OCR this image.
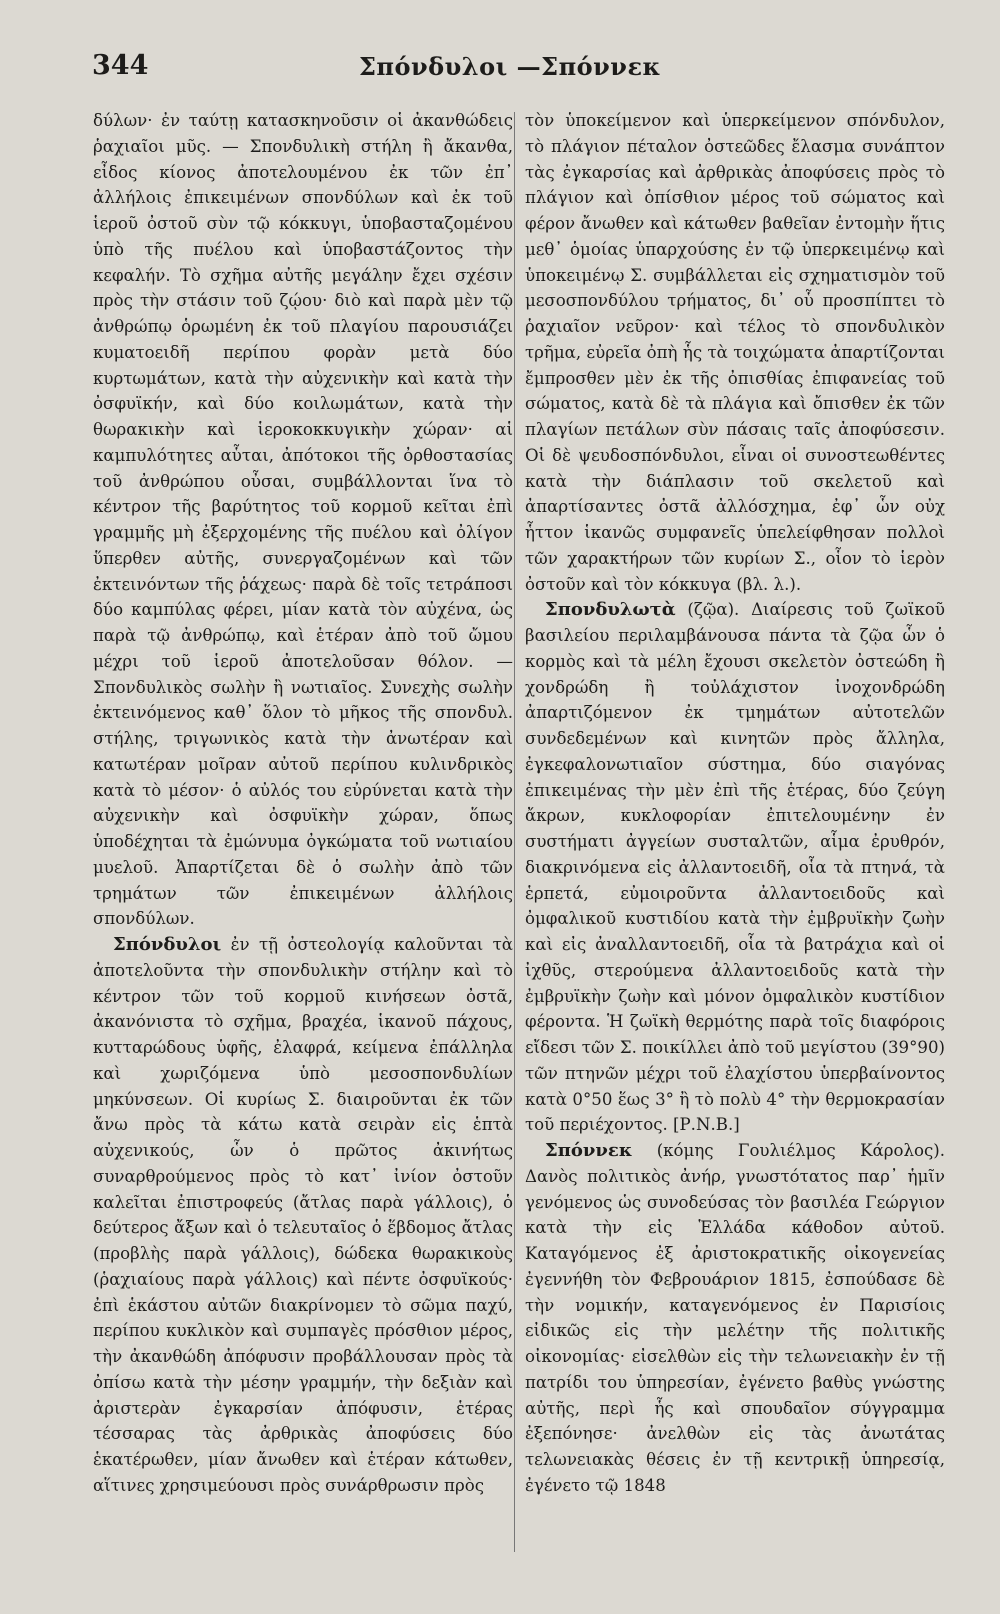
344	Σπόνδυλοι —Σπόννεκ

δύλων· ἐν ταύτῃ κατασκηνοῦσιν οἱ ἀκανθώδεις ῥαχιαῖοι μῦς. — Σπονδυλικὴ στήλη ἢ ἄκανθα, εἶδος κίονος ἀποτελουμένου ἐκ τῶν ἐπ᾽ ἀλλήλοις ἐπικειμένων σπονδύλων καὶ ἐκ τοῦ ἱεροῦ ὀστοῦ σὺν τῷ κόκκυγι, ὑποβασταζομένου ὑπὸ τῆς πυέλου καὶ ὑποβαστάζοντος τὴν κεφαλήν. Τὸ σχῆμα αὐτῆς μεγάλην ἔχει σχέσιν πρὸς τὴν στάσιν τοῦ ζῴου· διὸ καὶ παρὰ μὲν τῷ ἀνθρώπῳ ὁρωμένη ἐκ τοῦ πλαγίου παρουσιάζει κυματοειδῆ περίπου φορὰν μετὰ δύο κυρτωμάτων, κατὰ τὴν αὐχενικὴν καὶ κατὰ τὴν ὀσφυϊκήν, καὶ δύο κοιλωμάτων, κατὰ τὴν θωρακικὴν καὶ ἱεροκοκκυγικὴν χώραν· αἱ καμπυλότητες αὗται, ἀπότοκοι τῆς ὀρθοστασίας τοῦ ἀνθρώπου οὖσαι, συμβάλλονται ἵνα τὸ κέντρον τῆς βαρύτητος τοῦ κορμοῦ κεῖται ἐπὶ γραμμῆς μὴ ἐξερχομένης τῆς πυέλου καὶ ὀλίγον ὕπερθεν αὐτῆς, συνεργαζομένων καὶ τῶν ἐκτεινόντων τῆς ῥάχεως· παρὰ δὲ τοῖς τετράποσι δύο καμπύλας φέρει, μίαν κατὰ τὸν αὐχένα, ὡς παρὰ τῷ ἀνθρώπῳ, καὶ ἑτέραν ἀπὸ τοῦ ὤμου μέχρι τοῦ ἱεροῦ ἀποτελοῦσαν θόλον. — Σπονδυλικὸς σωλὴν ἢ νωτιαῖος. Συνεχὴς σωλὴν ἐκτεινόμενος καθ᾽ ὅλον τὸ μῆκος τῆς σπονδυλ. στήλης, τριγωνικὸς κατὰ τὴν ἀνωτέραν καὶ κατωτέραν μοῖραν αὐτοῦ περίπου κυλινδρικὸς κατὰ τὸ μέσον· ὁ αὐλός του εὐρύνεται κατὰ τὴν αὐχενικὴν καὶ ὀσφυϊκὴν χώραν, ὅπως ὑποδέχηται τὰ ἐμώνυμα ὀγκώματα τοῦ νωτιαίου μυελοῦ. Ἀπαρτίζεται δὲ ὁ σωλὴν ἀπὸ τῶν τρημάτων τῶν ἐπικειμένων ἀλλήλοις σπονδύλων.

Σπόνδυλοι ἐν τῇ ὀστεολογίᾳ καλοῦνται τὰ ἀποτελοῦντα τὴν σπονδυλικὴν στήλην καὶ τὸ κέντρον τῶν τοῦ κορμοῦ κινήσεων ὀστᾶ, ἀκανόνιστα τὸ σχῆμα, βραχέα, ἱκανοῦ πάχους, κυτταρώδους ὑφῆς, ἐλαφρά, κείμενα ἐπάλληλα καὶ χωριζόμενα ὑπὸ μεσοσπονδυλίων μηκύνσεων. Οἱ κυρίως Σ. διαιροῦνται ἐκ τῶν ἄνω πρὸς τὰ κάτω κατὰ σειρὰν εἰς ἑπτὰ αὐχενικούς, ὧν ὁ πρῶτος ἀκινήτως συναρθρούμενος πρὸς τὸ κατ᾽ ἰνίον ὀστοῦν καλεῖται ἐπιστροφεύς (ἄτλας παρὰ γάλλοις), ὁ δεύτερος ἄξων καὶ ὁ τελευταῖος ὁ ἕβδομος ἄτλας (προβλὴς παρὰ γάλλοις), δώδεκα θωρακικοὺς (ῥαχιαίους παρὰ γάλλοις) καὶ πέντε ὀσφυϊκούς· ἐπὶ ἑκάστου αὐτῶν διακρίνομεν τὸ σῶμα παχύ, περίπου κυκλικὸν καὶ συμπαγὲς πρόσθιον μέρος, τὴν ἀκανθώδη ἀπόφυσιν προβάλλουσαν πρὸς τὰ ὀπίσω κατὰ τὴν μέσην γραμμήν, τὴν δεξιὰν καὶ ἀριστερὰν ἐγκαρσίαν ἀπόφυσιν, ἑτέρας τέσσαρας τὰς ἀρθρικὰς ἀποφύσεις δύο ἑκατέρωθεν, μίαν ἄνωθεν καὶ ἑτέραν κάτωθεν, αἵτινες χρησιμεύουσι πρὸς συνάρθρωσιν πρὸς

τὸν ὑποκείμενον καὶ ὑπερκείμενον σπόνδυλον, τὸ πλάγιον πέταλον ὀστεῶδες ἔλασμα συνάπτον τὰς ἐγκαρσίας καὶ ἀρθρικὰς ἀποφύσεις πρὸς τὸ πλάγιον καὶ ὀπίσθιον μέρος τοῦ σώματος καὶ φέρον ἄνωθεν καὶ κάτωθεν βαθεῖαν ἐντομὴν ἥτις μεθ᾽ ὁμοίας ὑπαρχούσης ἐν τῷ ὑπερκειμένῳ καὶ ὑποκειμένῳ Σ. συμβάλλεται εἰς σχηματισμὸν τοῦ μεσοσπονδύλου τρήματος, δι᾽ οὗ προσπίπτει τὸ ῥαχιαῖον νεῦρον· καὶ τέλος τὸ σπονδυλικὸν τρῆμα, εὐρεῖα ὀπὴ ἧς τὰ τοιχώματα ἀπαρτίζονται ἔμπροσθεν μὲν ἐκ τῆς ὀπισθίας ἐπιφανείας τοῦ σώματος, κατὰ δὲ τὰ πλάγια καὶ ὄπισθεν ἐκ τῶν πλαγίων πετάλων σὺν πάσαις ταῖς ἀποφύσεσιν. Οἱ δὲ ψευδοσπόνδυλοι, εἶναι οἱ συνοστεωθέντες κατὰ τὴν διάπλασιν τοῦ σκελετοῦ καὶ ἀπαρτίσαντες ὀστᾶ ἀλλόσχημα, ἐφ᾽ ὧν οὐχ ἧττον ἱκανῶς συμφανεῖς ὑπελείφθησαν πολλοὶ τῶν χαρακτήρων τῶν κυρίων Σ., οἷον τὸ ἱερὸν ὀστοῦν καὶ τὸν κόκκυγα (βλ. λ.).

Σπονδυλωτὰ (ζῷα). Διαίρεσις τοῦ ζωϊκοῦ βασιλείου περιλαμβάνουσα πάντα τὰ ζῷα ὧν ὁ κορμὸς καὶ τὰ μέλη ἔχουσι σκελετὸν ὀστεώδη ἢ χονδρώδη ἢ τοὐλάχιστον ἰνοχονδρώδη ἀπαρτιζόμενον ἐκ τμημάτων αὐτοτελῶν συνδεδεμένων καὶ κινητῶν πρὸς ἄλληλα, ἐγκεφαλονωτιαῖον σύστημα, δύο σιαγόνας ἐπικειμένας τὴν μὲν ἐπὶ τῆς ἑτέρας, δύο ζεύγη ἄκρων, κυκλοφορίαν ἐπιτελουμένην ἐν συστήματι ἀγγείων συσταλτῶν, αἷμα ἐρυθρόν, διακρινόμενα εἰς ἀλλαντοειδῆ, οἷα τὰ πτηνά, τὰ ἑρπετά, εὐμοιροῦντα ἀλλαντοειδοῦς καὶ ὀμφαλικοῦ κυστιδίου κατὰ τὴν ἐμβρυϊκὴν ζωὴν καὶ εἰς ἀναλλαντοειδῆ, οἷα τὰ βατράχια καὶ οἱ ἰχθῦς, στερούμενα ἀλλαντοειδοῦς κατὰ τὴν ἐμβρυϊκὴν ζωὴν καὶ μόνον ὀμφαλικὸν κυστίδιον φέροντα. Ἡ ζωϊκὴ θερμότης παρὰ τοῖς διαφόροις εἴδεσι τῶν Σ. ποικίλλει ἀπὸ τοῦ μεγίστου (39°90) τῶν πτηνῶν μέχρι τοῦ ἐλαχίστου ὑπερβαίνοντος κατὰ 0°50 ἕως 3° ἢ τὸ πολὺ 4° τὴν θερμοκρασίαν τοῦ περιέχοντος. [Ρ.Ν.Β.]

Σπόννεκ (κόμης Γουλιέλμος Κάρολος). Δανὸς πολιτικὸς ἀνήρ, γνωστότατος παρ᾽ ἡμῖν γενόμενος ὡς συνοδεύσας τὸν βασιλέα Γεώργιον κατὰ τὴν εἰς Ἑλλάδα κάθοδον αὐτοῦ. Καταγόμενος ἐξ ἀριστοκρατικῆς οἰκογενείας ἐγεννήθη τὸν Φεβρουάριον 1815, ἐσπούδασε δὲ τὴν νομικήν, καταγενόμενος ἐν Παρισίοις εἰδικῶς εἰς τὴν μελέτην τῆς πολιτικῆς οἰκονομίας· εἰσελθὼν εἰς τὴν τελωνειακὴν ἐν τῇ πατρίδι του ὑπηρεσίαν, ἐγένετο βαθὺς γνώστης αὐτῆς, περὶ ἧς καὶ σπουδαῖον σύγγραμμα ἐξεπόνησε· ἀνελθὼν εἰς τὰς ἀνωτάτας τελωνειακὰς θέσεις ἐν τῇ κεντρικῇ ὑπηρεσίᾳ, ἐγένετο τῷ 1848
